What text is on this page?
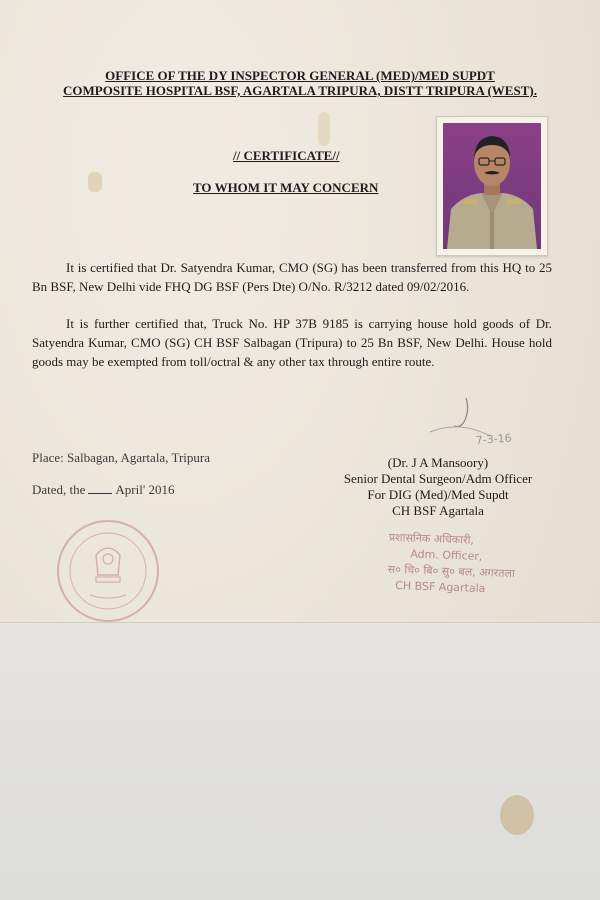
OFFICE OF THE DY INSPECTOR GENERAL (MED)/MED SUPDT
COMPOSITE HOSPITAL BSF, AGARTALA TRIPURA, DISTT TRIPURA (WEST).
// CERTIFICATE//
TO WHOM IT MAY CONCERN
It is certified that Dr. Satyendra Kumar, CMO (SG) has been transferred from this HQ to 25 Bn BSF, New Delhi vide FHQ DG BSF (Pers Dte) O/No. R/3212 dated 09/02/2016.
It is further certified that, Truck No. HP 37B 9185 is carrying house hold goods of Dr. Satyendra Kumar, CMO (SG) CH BSF Salbagan (Tripura) to 25 Bn BSF, New Delhi. House hold goods may be exempted from toll/octral & any other tax through entire route.
7-3-16
Place: Salbagan, Agartala, Tripura
Dated, the April' 2016
(Dr. J A Mansoory)
Senior Dental Surgeon/Adm Officer
For DIG (Med)/Med Supdt
CH BSF Agartala
प्रशासनिक अधिकारी,
Adm. Officer,
स० चि० बि० सु० बल, अगरतला
CH BSF Agartala
